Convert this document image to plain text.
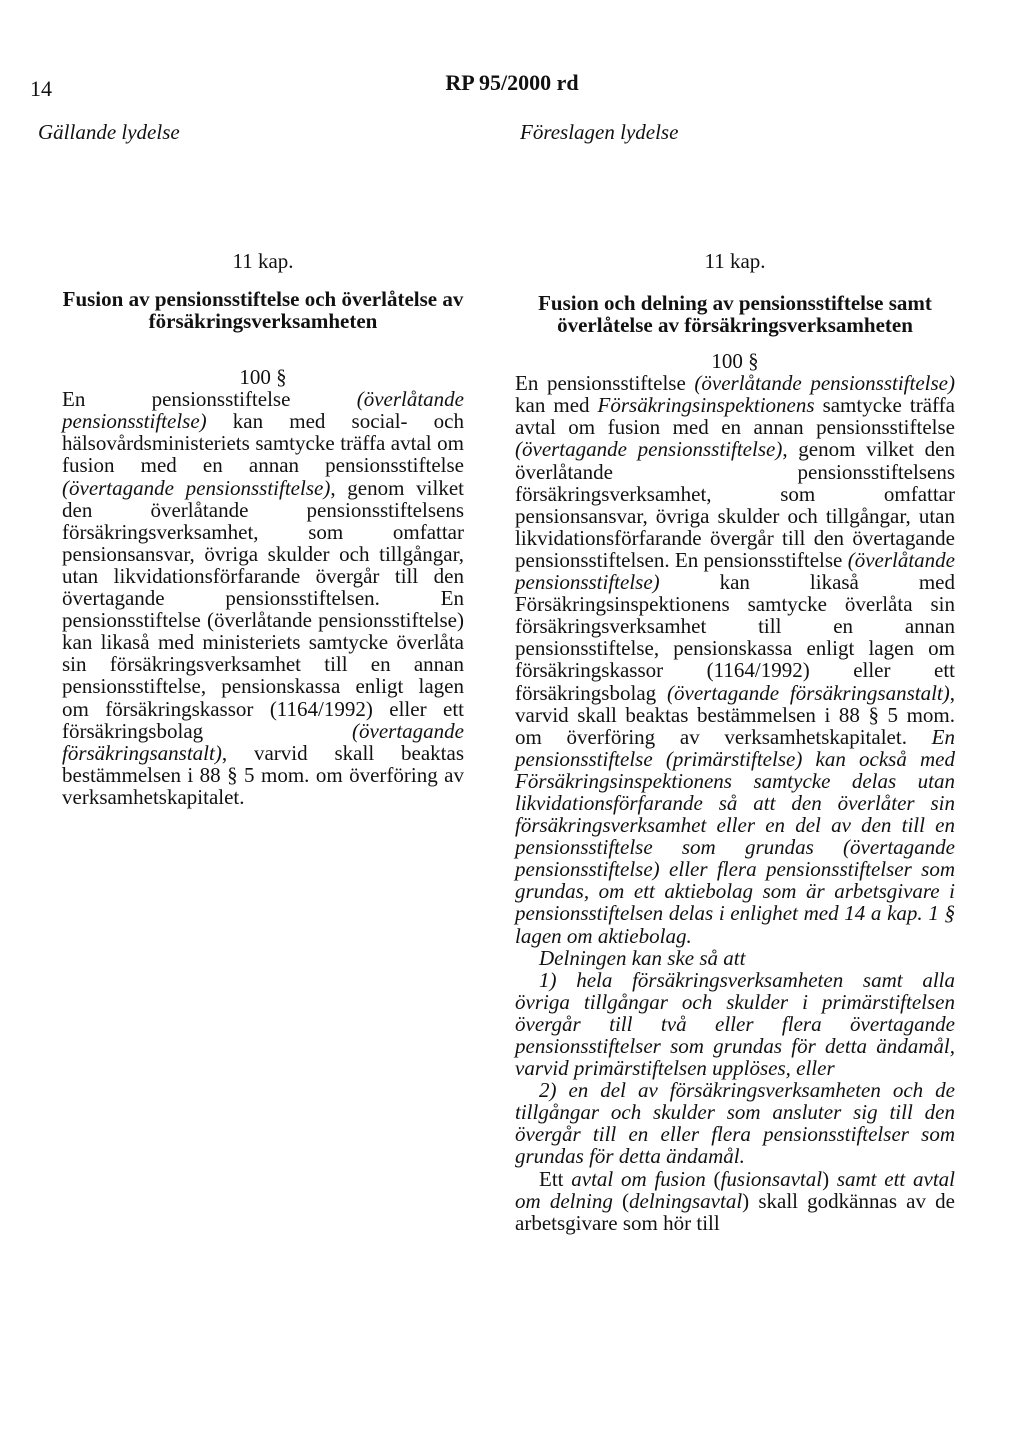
14	RP 95/2000 rd
Gällande lydelse	Föreslagen lydelse

11 kap.

Fusion av pensionsstiftelse och överlåtelse av försäkringsverksamheten

100 §

En pensionsstiftelse (överlåtande pensionsstiftelse) kan med social- och hälsovårdsministeriets samtycke träffa avtal om fusion med en annan pensionsstiftelse (övertagande pensionsstiftelse), genom vilket den överlåtande pensionsstiftelsens försäkringsverksamhet, som omfattar pensionsansvar, övriga skulder och tillgångar, utan likvidationsförfarande övergår till den övertagande pensionsstiftelsen. En pensionsstiftelse (överlåtande pensionsstiftelse) kan likaså med ministeriets samtycke överlåta sin försäkringsverksamhet till en annan pensionsstiftelse, pensionskassa enligt lagen om försäkringskassor (1164/1992) eller ett försäkringsbolag (övertagande försäkringsanstalt), varvid skall beaktas bestämmelsen i 88 § 5 mom. om överföring av verksamhetskapitalet.

11 kap.

Fusion och delning av pensionsstiftelse samt överlåtelse av försäkringsverksamheten

100 §

En pensionsstiftelse (överlåtande pensionsstiftelse) kan med Försäkringsinspektionens samtycke träffa avtal om fusion med en annan pensionsstiftelse (övertagande pensionsstiftelse), genom vilket den överlåtande pensionsstiftelsens försäkringsverksamhet, som omfattar pensionsansvar, övriga skulder och tillgångar, utan likvidationsförfarande övergår till den övertagande pensionsstiftelsen. En pensionsstiftelse (överlåtande pensionsstiftelse) kan likaså med Försäkringsinspektionens samtycke överlåta sin försäkringsverksamhet till en annan pensionsstiftelse, pensionskassa enligt lagen om försäkringskassor (1164/1992) eller ett försäkringsbolag (övertagande försäkringsanstalt), varvid skall beaktas bestämmelsen i 88 § 5 mom. om överföring av verksamhetskapitalet. En pensionsstiftelse (primärstiftelse) kan också med Försäkringsinspektionens samtycke delas utan likvidationsförfarande så att den överlåter sin försäkringsverksamhet eller en del av den till en pensionsstiftelse som grundas (övertagande pensionsstiftelse) eller flera pensionsstiftelser som grundas, om ett aktiebolag som är arbetsgivare i pensionsstiftelsen delas i enlighet med 14 a kap. 1 § lagen om aktiebolag.

Delningen kan ske så att

1) hela försäkringsverksamheten samt alla övriga tillgångar och skulder i primärstiftelsen övergår till två eller flera övertagande pensionsstiftelser som grundas för detta ändamål, varvid primärstiftelsen upplöses, eller

2) en del av försäkringsverksamheten och de tillgångar och skulder som ansluter sig till den övergår till en eller flera pensionsstiftelser som grundas för detta ändamål.

Ett avtal om fusion (fusionsavtal) samt ett avtal om delning (delningsavtal) skall godkännas av de arbetsgivare som hör till
